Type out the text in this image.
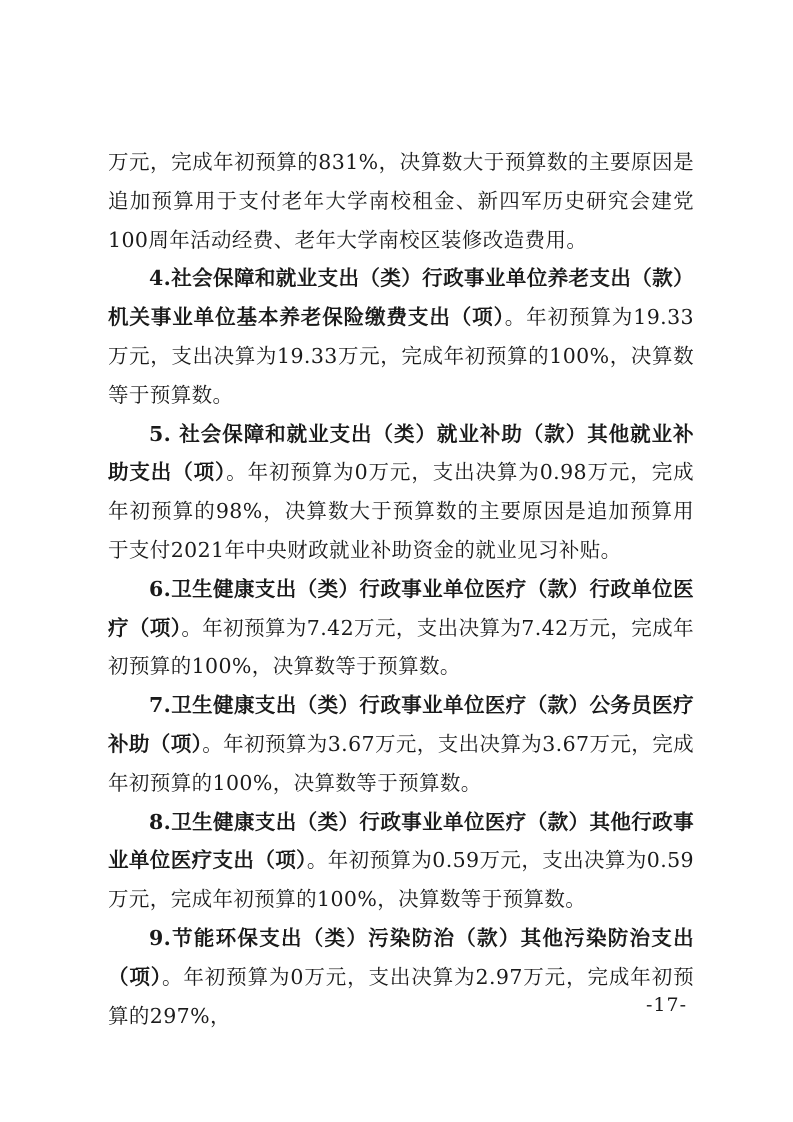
万元，完成年初预算的831%，决算数大于预算数的主要原因是追加预算用于支付老年大学南校租金、新四军历史研究会建党100周年活动经费、老年大学南校区装修改造费用。

4.社会保障和就业支出（类）行政事业单位养老支出（款）机关事业单位基本养老保险缴费支出（项）。年初预算为19.33万元，支出决算为19.33万元，完成年初预算的100%，决算数等于预算数。

5. 社会保障和就业支出（类）就业补助（款）其他就业补助支出（项）。年初预算为0万元，支出决算为0.98万元，完成年初预算的98%，决算数大于预算数的主要原因是追加预算用于支付2021年中央财政就业补助资金的就业见习补贴。

6.卫生健康支出（类）行政事业单位医疗（款）行政单位医疗（项）。年初预算为7.42万元，支出决算为7.42万元，完成年初预算的100%，决算数等于预算数。

7.卫生健康支出（类）行政事业单位医疗（款）公务员医疗补助（项）。年初预算为3.67万元，支出决算为3.67万元，完成年初预算的100%，决算数等于预算数。

8.卫生健康支出（类）行政事业单位医疗（款）其他行政事业单位医疗支出（项）。年初预算为0.59万元，支出决算为0.59万元，完成年初预算的100%，决算数等于预算数。

9.节能环保支出（类）污染防治（款）其他污染防治支出（项）。年初预算为0万元，支出决算为2.97万元，完成年初预算的297%，	-17-
